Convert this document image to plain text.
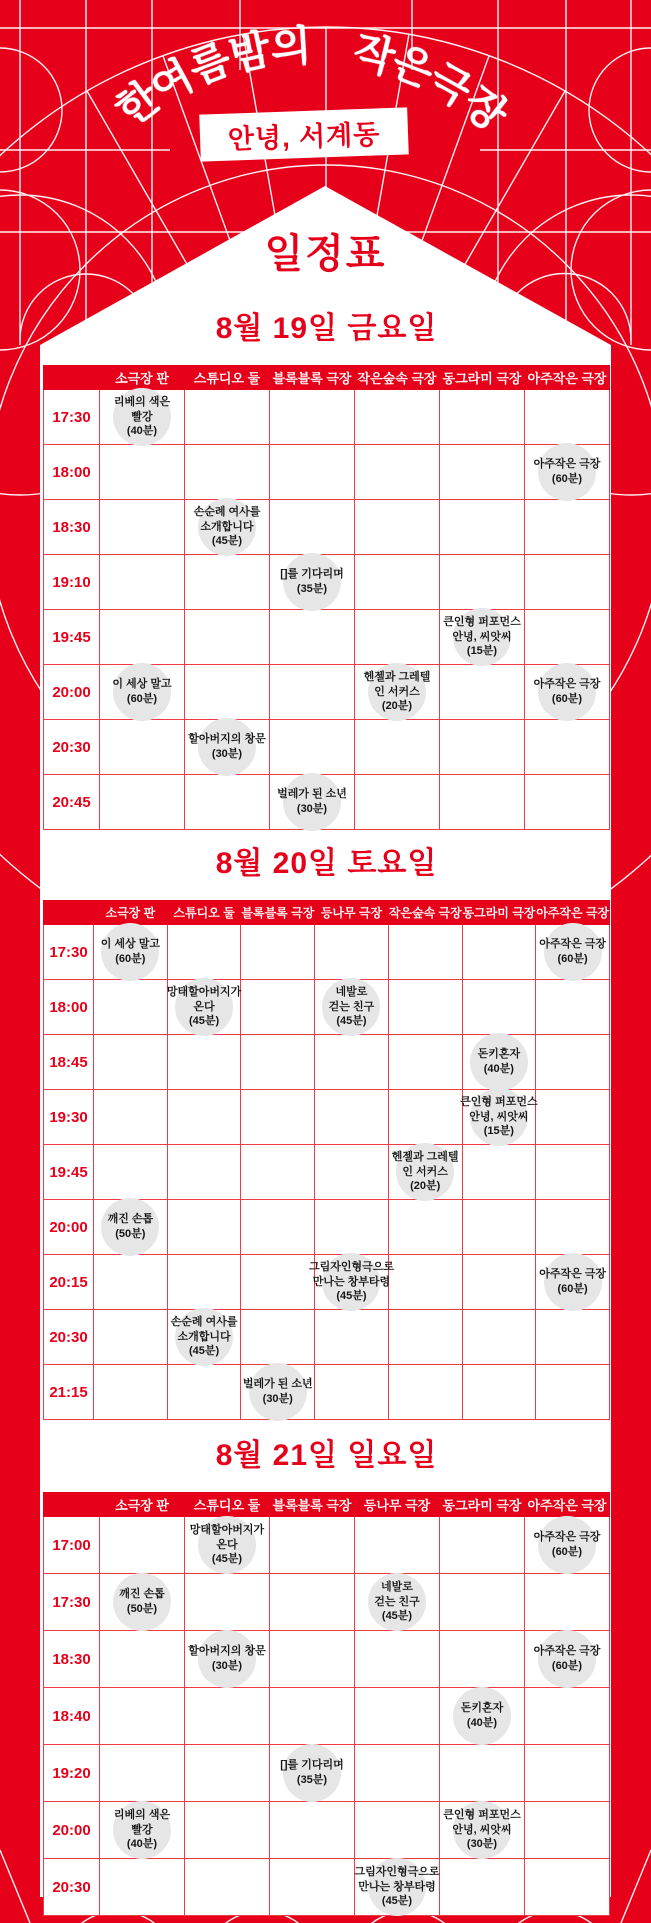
한
여
름
밤
의 작
은
극
장
안녕, 서계동
일정표
8월 19일 금요일
	소극장 판	스튜디오 둘	블록블록 극장	작은숲속 극장	동그라미 극장	아주작은 극장
17:30	리베의 색은
빨강
(40분)					

18:00						아주작은 극장
(60분)

18:30		손순례 여사를
소개합니다
(45분)				

19:10			[]를 기다리며
(35분)			

19:45					큰인형 퍼포먼스
안녕, 씨앗씨
(15분)	

20:00	이 세상 말고
(60분)			헨젤과 그레텔
인 서커스
(20분)		아주작은 극장
(60분)

20:30		할아버지의 창문
(30분)				

20:45			벌레가 된 소년
(30분)			

8월 20일 토요일
	소극장 판	스튜디오 둘	블록블록 극장	등나무 극장	작은숲속 극장	동그라미 극장	아주작은 극장
17:30	이 세상 말고
(60분)						아주작은 극장
(60분)

18:00		망태할아버지가
온다
(45분)		네발로
걷는 친구
(45분)			

18:45						돈키혼자
(40분)	

19:30						큰인형 퍼포먼스
안녕, 씨앗씨
(15분)	

19:45					헨젤과 그레텔
인 서커스
(20분)		

20:00	깨진 손톱
(50분)						

20:15				그림자인형극으로
만나는 창부타령
(45분)			아주작은 극장
(60분)

20:30		손순례 여사를
소개합니다
(45분)					

21:15			벌레가 된 소년
(30분)				

8월 21일 일요일
	소극장 판	스튜디오 둘	블록블록 극장	등나무 극장	동그라미 극장	아주작은 극장
17:00		망태할아버지가
온다
(45분)				아주작은 극장
(60분)

17:30	깨진 손톱
(50분)			네발로
걷는 친구
(45분)		

18:30		할아버지의 창문
(30분)				아주작은 극장
(60분)

18:40					돈키혼자
(40분)	

19:20			[]를 기다리며
(35분)			

20:00	리베의 색은
빨강
(40분)				큰인형 퍼포먼스
안녕, 씨앗씨
(30분)	

20:30				그림자인형극으로
만나는 창부타령
(45분)		
